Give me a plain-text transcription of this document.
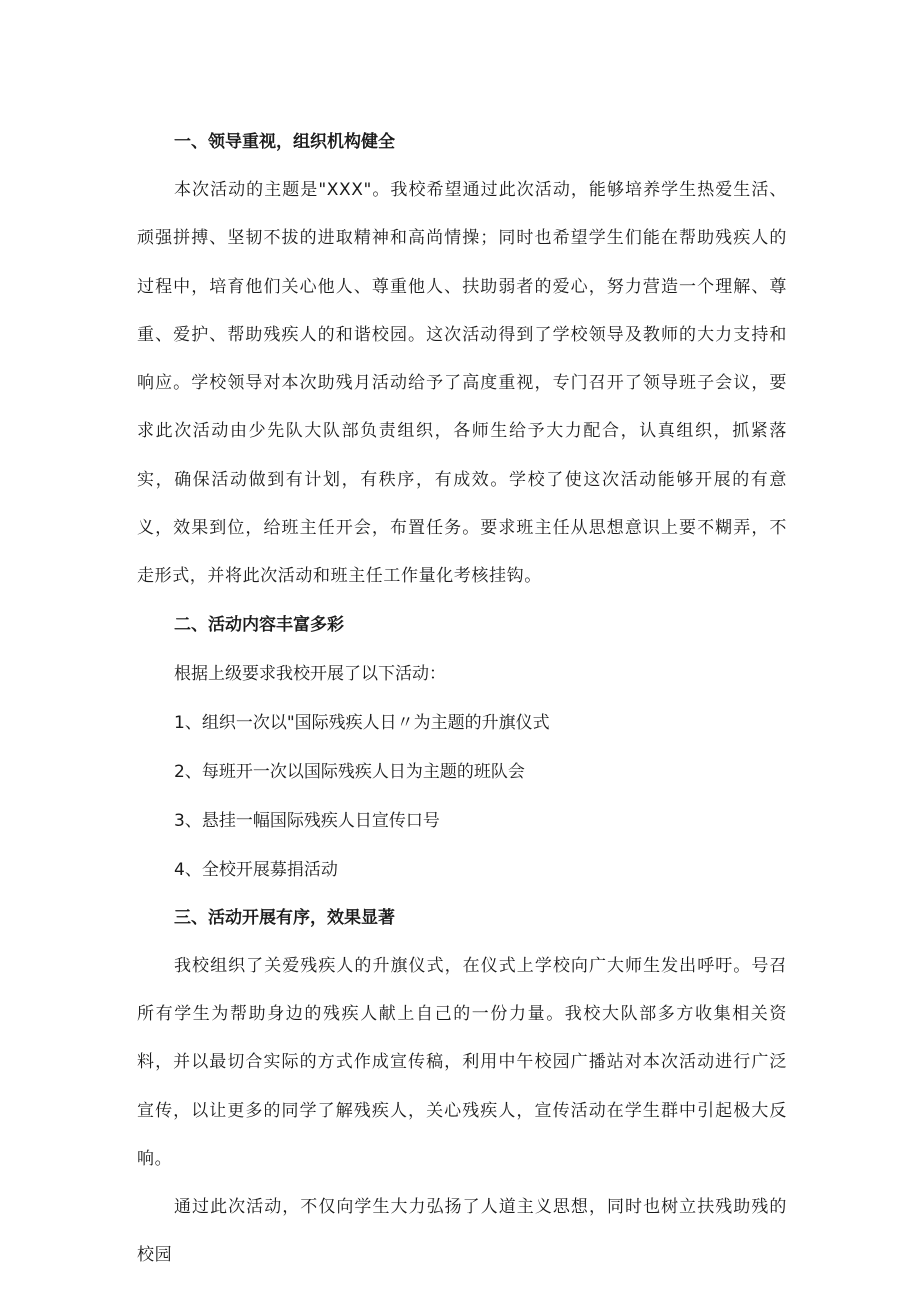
一、领导重视，组织机构健全

本次活动的主题是"XXX"。我校希望通过此次活动，能够培养学生热爱生活、顽强拼搏、坚韧不拔的进取精神和高尚情操；同时也希望学生们能在帮助残疾人的过程中，培育他们关心他人、尊重他人、扶助弱者的爱心，努力营造一个理解、尊重、爱护、帮助残疾人的和谐校园。这次活动得到了学校领导及教师的大力支持和响应。学校领导对本次助残月活动给予了高度重视，专门召开了领导班子会议，要求此次活动由少先队大队部负责组织，各师生给予大力配合，认真组织，抓紧落实，确保活动做到有计划，有秩序，有成效。学校了使这次活动能够开展的有意义，效果到位，给班主任开会，布置任务。要求班主任从思想意识上要不糊弄，不走形式，并将此次活动和班主任工作量化考核挂钩。

二、活动内容丰富多彩

根据上级要求我校开展了以下活动：

1、组织一次以"国际残疾人日〃为主题的升旗仪式

2、每班开一次以国际残疾人日为主题的班队会

3、悬挂一幅国际残疾人日宣传口号

4、全校开展募捐活动

三、活动开展有序，效果显著

我校组织了关爱残疾人的升旗仪式，在仪式上学校向广大师生发出呼吁。号召所有学生为帮助身边的残疾人献上自己的一份力量。我校大队部多方收集相关资料，并以最切合实际的方式作成宣传稿，利用中午校园广播站对本次活动进行广泛宣传，以让更多的同学了解残疾人，关心残疾人，宣传活动在学生群中引起极大反响。

通过此次活动，不仅向学生大力弘扬了人道主义思想，同时也树立扶残助残的校园
